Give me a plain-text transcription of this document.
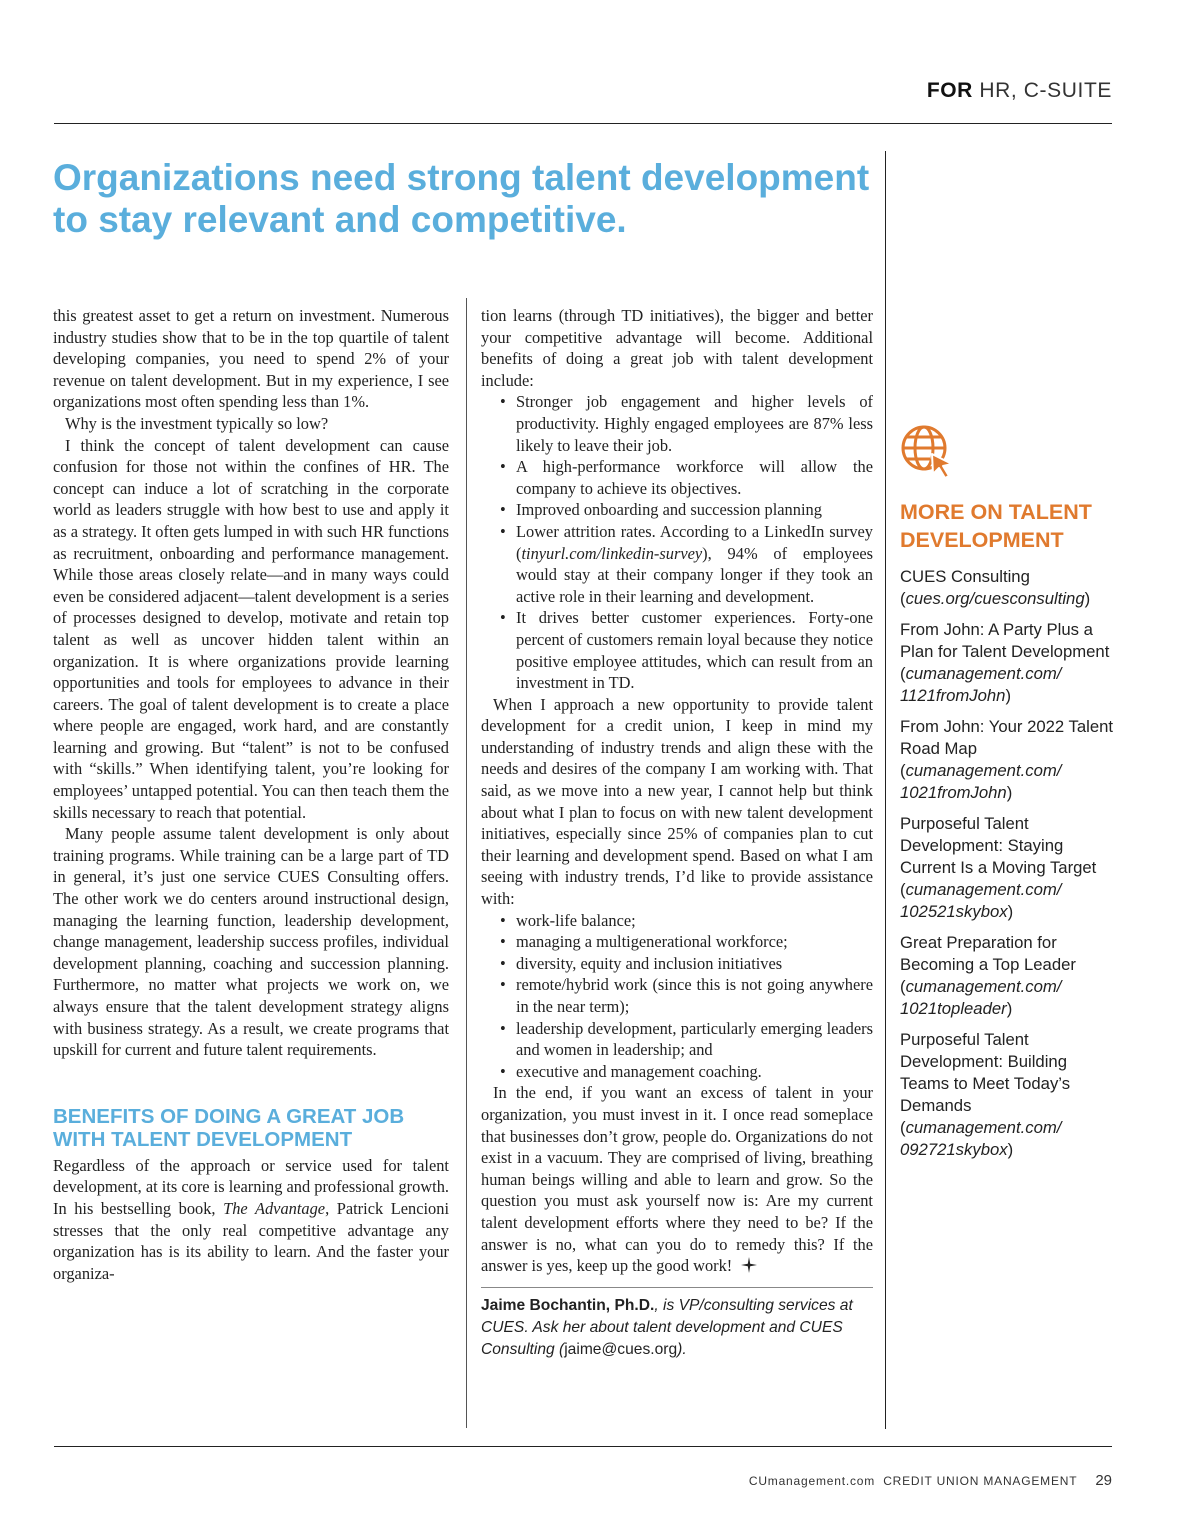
FOR HR, C-SUITE
Organizations need strong talent development
to stay relevant and competitive.

this greatest asset to get a return on investment. Numerous industry studies show that to be in the top quartile of talent developing companies, you need to spend 2% of your revenue on talent development. But in my experience, I see organizations most often spending less than 1%.

Why is the investment typically so low?

I think the concept of talent development can cause confusion for those not within the confines of HR. The concept can induce a lot of scratching in the corporate world as leaders struggle with how best to use and apply it as a strategy. It often gets lumped in with such HR functions as recruitment, onboarding and performance management. While those areas closely relate—and in many ways could even be considered adjacent—talent development is a series of processes designed to develop, motivate and retain top talent as well as uncover hidden talent within an organization. It is where organizations provide learning opportunities and tools for employees to advance in their careers. The goal of talent development is to create a place where people are engaged, work hard, and are constantly learning and growing. But “talent” is not to be confused with “skills.” When identifying talent, you’re looking for employees’ untapped potential. You can then teach them the skills necessary to reach that potential.

Many people assume talent development is only about training programs. While training can be a large part of TD in general, it’s just one service CUES Consulting offers. The other work we do centers around instructional design, managing the learning function, leadership development, change management, leadership success profiles, individual development planning, coaching and succession planning. Furthermore, no matter what projects we work on, we always ensure that the talent development strategy aligns with business strategy. As a result, we create programs that upskill for current and future talent requirements.

BENEFITS OF DOING A GREAT JOB WITH TALENT DEVELOPMENT

Regardless of the approach or service used for talent development, at its core is learning and professional growth. In his bestselling book, The Advantage, Patrick Lencioni stresses that the only real competitive advantage any organization has is its ability to learn. And the faster your organiza-

tion learns (through TD initiatives), the bigger and better your competitive advantage will become. Additional benefits of doing a great job with talent development include:

• Stronger job engagement and higher levels of productivity. Highly engaged employees are 87% less likely to leave their job.
• A high-performance workforce will allow the company to achieve its objectives.
• Improved onboarding and succession planning
• Lower attrition rates. According to a LinkedIn survey (tinyurl.com/linkedin-survey), 94% of employees would stay at their company longer if they took an active role in their learning and development.
• It drives better customer experiences. Forty-one percent of customers remain loyal because they notice positive employee attitudes, which can result from an investment in TD.

When I approach a new opportunity to provide talent development for a credit union, I keep in mind my understanding of industry trends and align these with the needs and desires of the company I am working with. That said, as we move into a new year, I cannot help but think about what I plan to focus on with new talent development initiatives, especially since 25% of companies plan to cut their learning and development spend. Based on what I am seeing with industry trends, I’d like to provide assistance with:

• work-life balance;
• managing a multigenerational workforce;
• diversity, equity and inclusion initiatives
• remote/hybrid work (since this is not going anywhere in the near term);
• leadership development, particularly emerging leaders and women in leadership; and
• executive and management coaching.

In the end, if you want an excess of talent in your organization, you must invest in it. I once read someplace that businesses don’t grow, people do. Organizations do not exist in a vacuum. They are comprised of living, breathing human beings willing and able to learn and grow. So the question you must ask yourself now is: Are my current talent development efforts where they need to be? If the answer is no, what can you do to remedy this? If the answer is yes, keep up the good work!

Jaime Bochantin, Ph.D., is VP/consulting services at CUES. Ask her about talent development and CUES Consulting (jaime@cues.org).
MORE ON TALENT DEVELOPMENT
CUES Consulting
(cues.org/cuesconsulting)
From John: A Party Plus a Plan for Talent Development
(cumanagement.com/ 1121fromJohn)
From John: Your 2022 Talent Road Map
(cumanagement.com/ 1021fromJohn)
Purposeful Talent Development: Staying Current Is a Moving Target
(cumanagement.com/ 102521skybox)
Great Preparation for Becoming a Top Leader
(cumanagement.com/ 1021topleader)
Purposeful Talent Development: Building Teams to Meet Today’s Demands
(cumanagement.com/ 092721skybox)
CUmanagement.com CREDIT UNION MANAGEMENT 29
